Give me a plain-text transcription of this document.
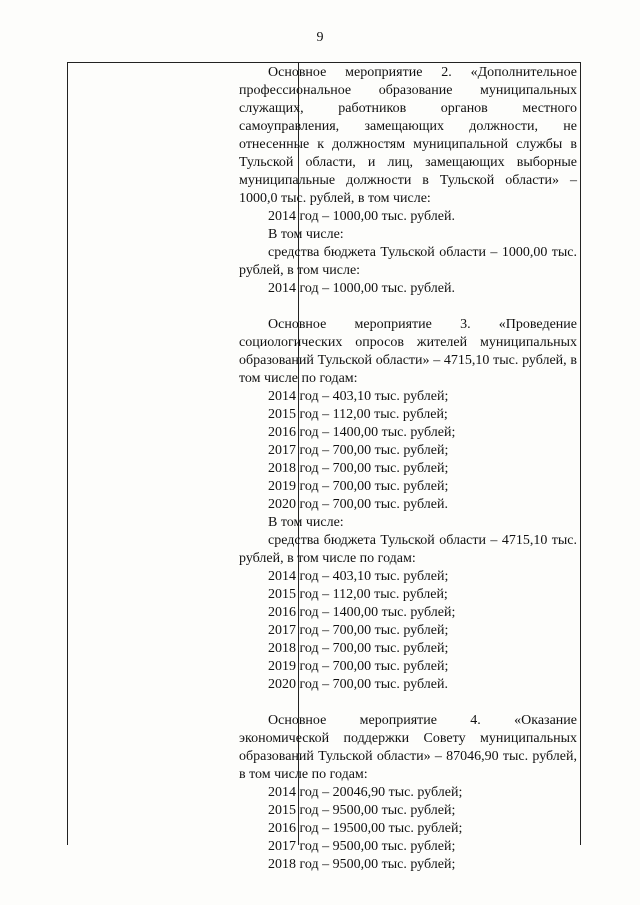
9
Основное мероприятие 2. «Дополнительное профессиональное образование муниципальных служащих, работников органов местного самоуправления, замещающих должности, не отнесенные к должностям муниципальной службы в Тульской области, и лиц, замещающих выборные муниципальные должности в Тульской области» – 1000,0 тыс. рублей, в том числе:
2014 год – 1000,00 тыс. рублей.
В том числе:
средства бюджета Тульской области – 1000,00 тыс. рублей, в том числе:
2014 год – 1000,00 тыс. рублей.
Основное мероприятие 3. «Проведение социологических опросов жителей муниципальных образований Тульской области» – 4715,10 тыс. рублей, в том числе по годам:
2014 год – 403,10 тыс. рублей;
2015 год – 112,00 тыс. рублей;
2016 год – 1400,00 тыс. рублей;
2017 год – 700,00 тыс. рублей;
2018 год – 700,00 тыс. рублей;
2019 год – 700,00 тыс. рублей;
2020 год – 700,00 тыс. рублей.
В том числе:
средства бюджета Тульской области – 4715,10 тыс. рублей, в том числе по годам:
2014 год – 403,10 тыс. рублей;
2015 год – 112,00 тыс. рублей;
2016 год – 1400,00 тыс. рублей;
2017 год – 700,00 тыс. рублей;
2018 год – 700,00 тыс. рублей;
2019 год – 700,00 тыс. рублей;
2020 год – 700,00 тыс. рублей.
Основное мероприятие 4. «Оказание экономической поддержки Совету муниципальных образований Тульской области» – 87046,90 тыс. рублей, в том числе по годам:
2014 год – 20046,90 тыс. рублей;
2015 год – 9500,00 тыс. рублей;
2016 год – 19500,00 тыс. рублей;
2017 год – 9500,00 тыс. рублей;
2018 год – 9500,00 тыс. рублей;
